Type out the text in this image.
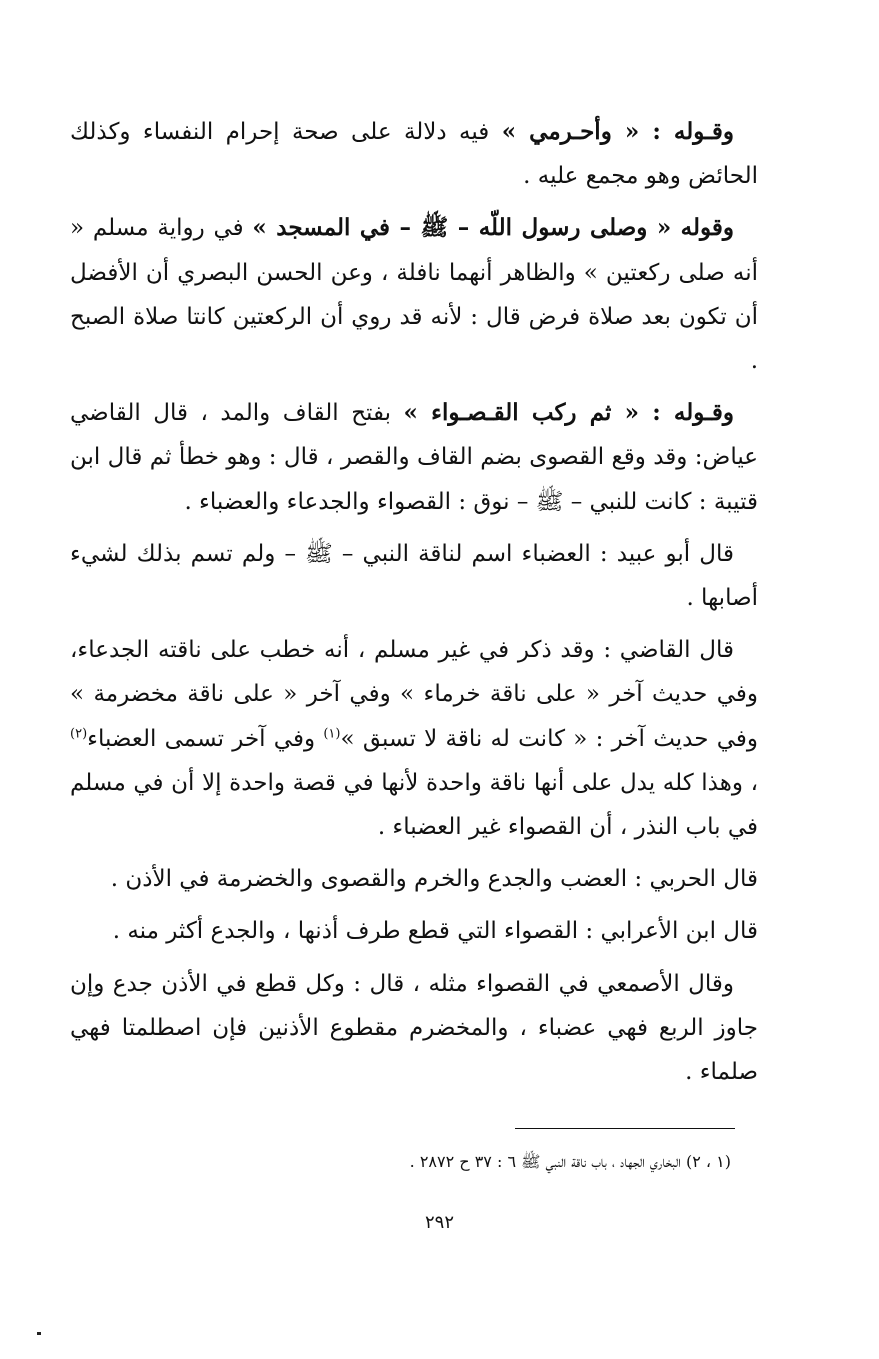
وقـوله : « وأحـرمي » فيه دلالة على صحة إحرام النفساء وكذلك الحائض وهو مجمع عليه .

وقوله « وصلى رسول اللّه – ﷺ – في المسجد » في رواية مسلم « أنه صلى ركعتين » والظاهر أنهما نافلة ، وعن الحسن البصري أن الأفضل أن تكون بعد صلاة فرض قال : لأنه قد روي أن الركعتين كانتا صلاة الصبح .

وقـوله : « ثم ركب القـصـواء » بفتح القاف والمد ، قال القاضي عياض: وقد وقع القصوى بضم القاف والقصر ، قال : وهو خطأ ثم قال ابن قتيبة : كانت للنبي – ﷺ – نوق : القصواء والجدعاء والعضباء .

قال أبو عبيد : العضباء اسم لناقة النبي – ﷺ – ولم تسم بذلك لشيء أصابها .

قال القاضي : وقد ذكر في غير مسلم ، أنه خطب على ناقته الجدعاء، وفي حديث آخر « على ناقة خرماء » وفي آخر « على ناقة مخضرمة » وفي حديث آخر : « كانت له ناقة لا تسبق »$^{(١)}$ وفي آخر تسمى العضباء$^{(٢)}$ ، وهذا كله يدل على أنها ناقة واحدة لأنها في قصة واحدة إلا أن في مسلم في باب النذر ، أن القصواء غير العضباء .

قال الحربي : العضب والجدع والخرم والقصوى والخضرمة في الأذن .

قال ابن الأعرابي : القصواء التي قطع طرف أذنها ، والجدع أكثر منه .

وقال الأصمعي في القصواء مثله ، قال : وكل قطع في الأذن جدع وإن جاوز الربع فهي عضباء ، والمخضرم مقطوع الأذنين فإن اصطلمتا فهي صلماء .

(١ ، ٢) البخاري الجهاد ، باب ناقة النبي ﷺ ٦ : ٣٧ ح ٢٨٧٢ .
٢٩٢
